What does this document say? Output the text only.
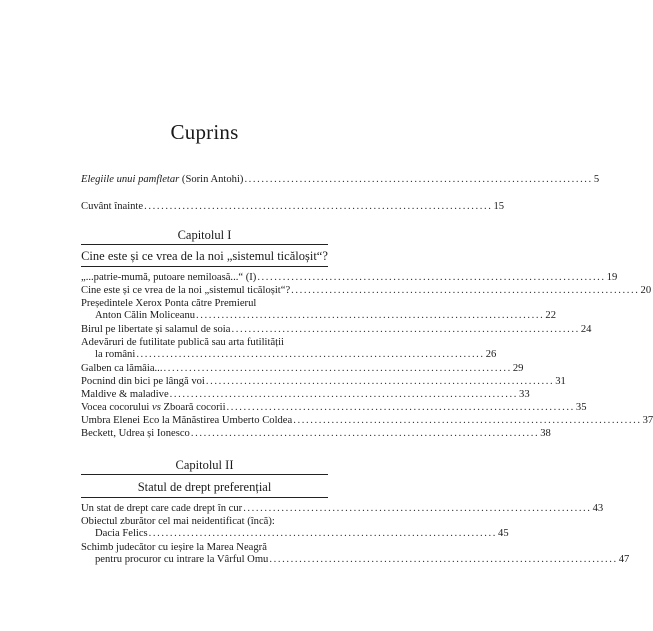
Cuprins
Elegiile unui pamfletar (Sorin Antohi) .................................................................................. 5
Cuvânt înainte .................................................................................. 15
Capitolul I
Cine este și ce vrea de la noi „sistemul ticăloșit“?
„...patrie-mumă, putoare nemiloasă...“ (I) .................................................................................. 19
Cine este și ce vrea de la noi „sistemul ticăloșit“? .................................................................................. 20
Președintele Xerox Ponta către Premierul
Anton Călin Moliceanu .................................................................................. 22
Birul pe libertate și salamul de soia .................................................................................. 24
Adevăruri de futilitate publică sau arta futilității
la români .................................................................................. 26
Galben ca lămâia... .................................................................................. 29
Pocnind din bici pe lângă voi .................................................................................. 31
Maldive & maladive .................................................................................. 33
Vocea cocorului vs Zboară cocorii .................................................................................. 35
Umbra Elenei Eco la Mănăstirea Umberto Coldea .................................................................................. 37
Beckett, Udrea și Ionesco .................................................................................. 38
Capitolul II
Statul de drept preferențial
Un stat de drept care cade drept în cur .................................................................................. 43
Obiectul zburător cel mai neidentificat (încă):
Dacia Felics .................................................................................. 45
Schimb judecător cu ieșire la Marea Neagră
pentru procuror cu intrare la Vârful Omu .................................................................................. 47
